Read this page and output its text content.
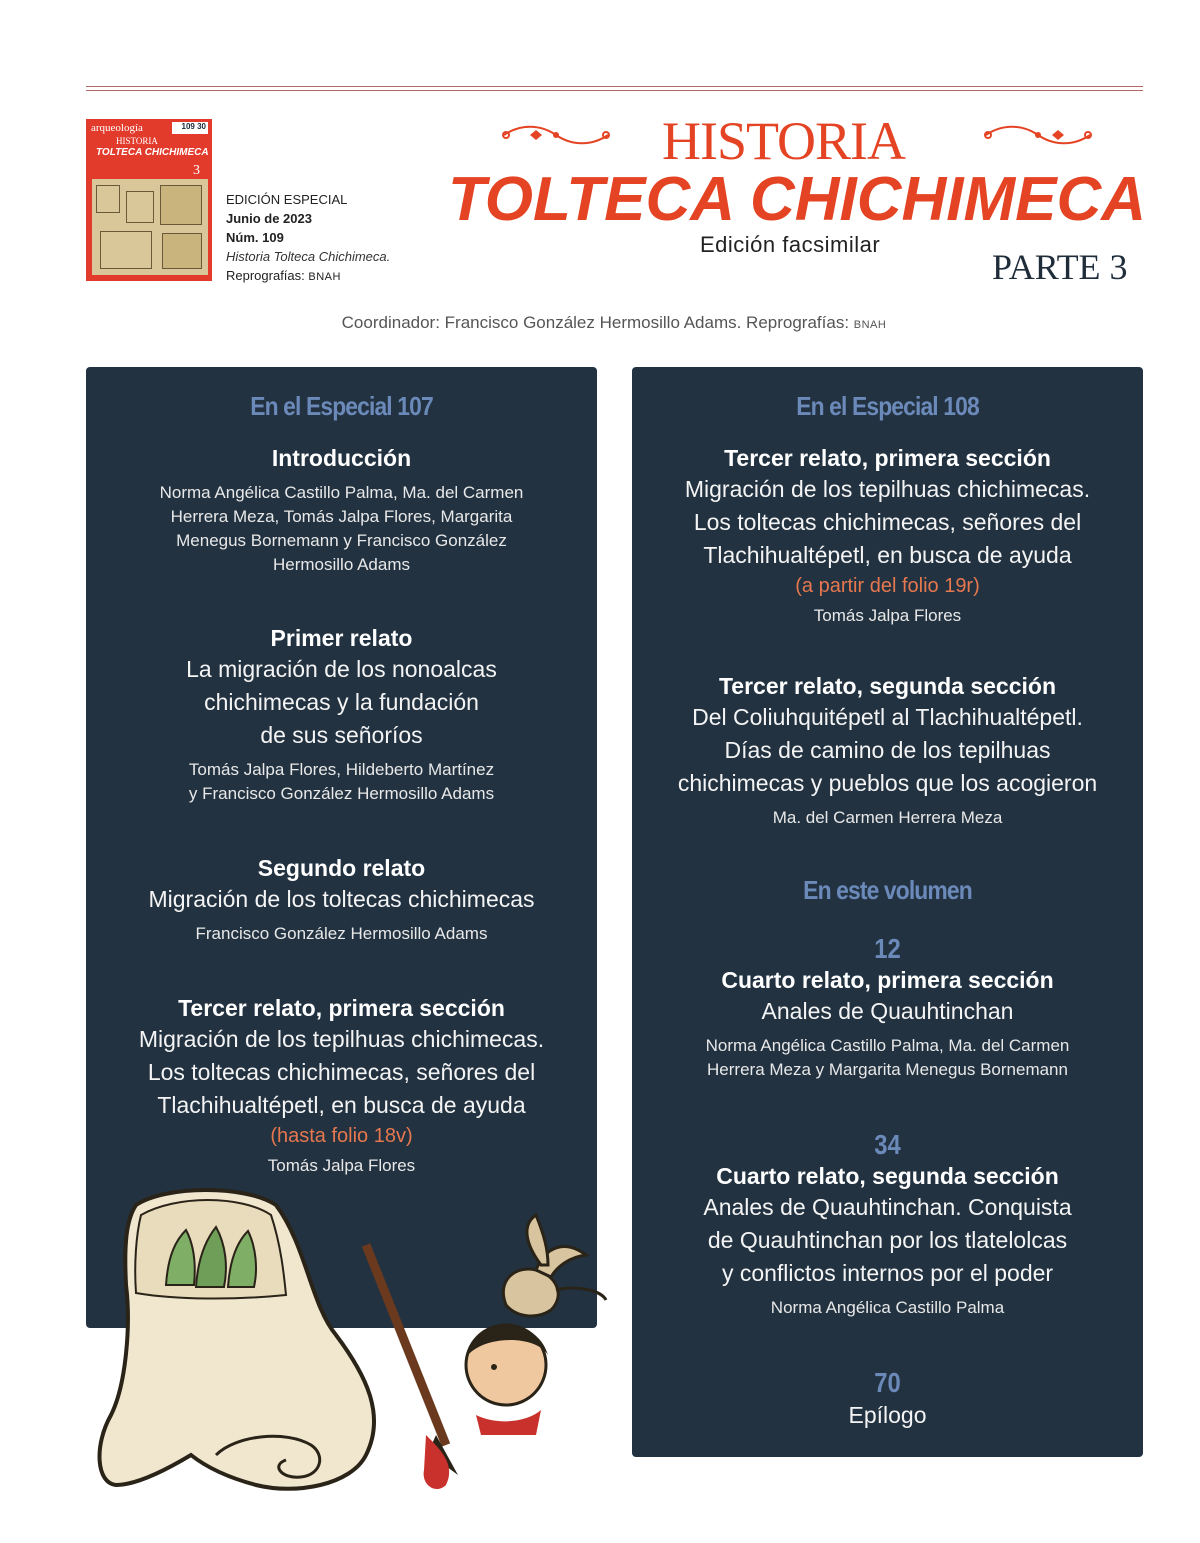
arqueología	109 30
HISTORIA
TOLTECA CHICHIMECA
3
EDICIÓN ESPECIAL
Junio de 2023
Núm. 109
Historia Tolteca Chichimeca.
Reprografías: BNAH
HISTORIA
TOLTECA CHICHIMECA
Edición facsimilar
PARTE 3
Coordinador: Francisco González Hermosillo Adams. Reprografías: BNAH

En el Especial 107

Introducción

Norma Angélica Castillo Palma, Ma. del Carmen

Herrera Meza, Tomás Jalpa Flores, Margarita

Menegus Bornemann y Francisco González

Hermosillo Adams

Primer relato

La migración de los nonoalcas

chichimecas y la fundación

de sus señoríos

Tomás Jalpa Flores, Hildeberto Martínez

y Francisco González Hermosillo Adams

Segundo relato

Migración de los toltecas chichimecas

Francisco González Hermosillo Adams

Tercer relato, primera sección

Migración de los tepilhuas chichimecas.

Los toltecas chichimecas, señores del

Tlachihualtépetl, en busca de ayuda

(hasta folio 18v)

Tomás Jalpa Flores

En el Especial 108

Tercer relato, primera sección

Migración de los tepilhuas chichimecas.

Los toltecas chichimecas, señores del

Tlachihualtépetl, en busca de ayuda

(a partir del folio 19r)

Tomás Jalpa Flores

Tercer relato, segunda sección

Del Coliuhquitépetl al Tlachihualtépetl.

Días de camino de los tepilhuas

chichimecas y pueblos que los acogieron

Ma. del Carmen Herrera Meza

En este volumen

12

Cuarto relato, primera sección

Anales de Quauhtinchan

Norma Angélica Castillo Palma, Ma. del Carmen

Herrera Meza y Margarita Menegus Bornemann

34

Cuarto relato, segunda sección

Anales de Quauhtinchan. Conquista

de Quauhtinchan por los tlatelolcas

y conflictos internos por el poder

Norma Angélica Castillo Palma

70

Epílogo
